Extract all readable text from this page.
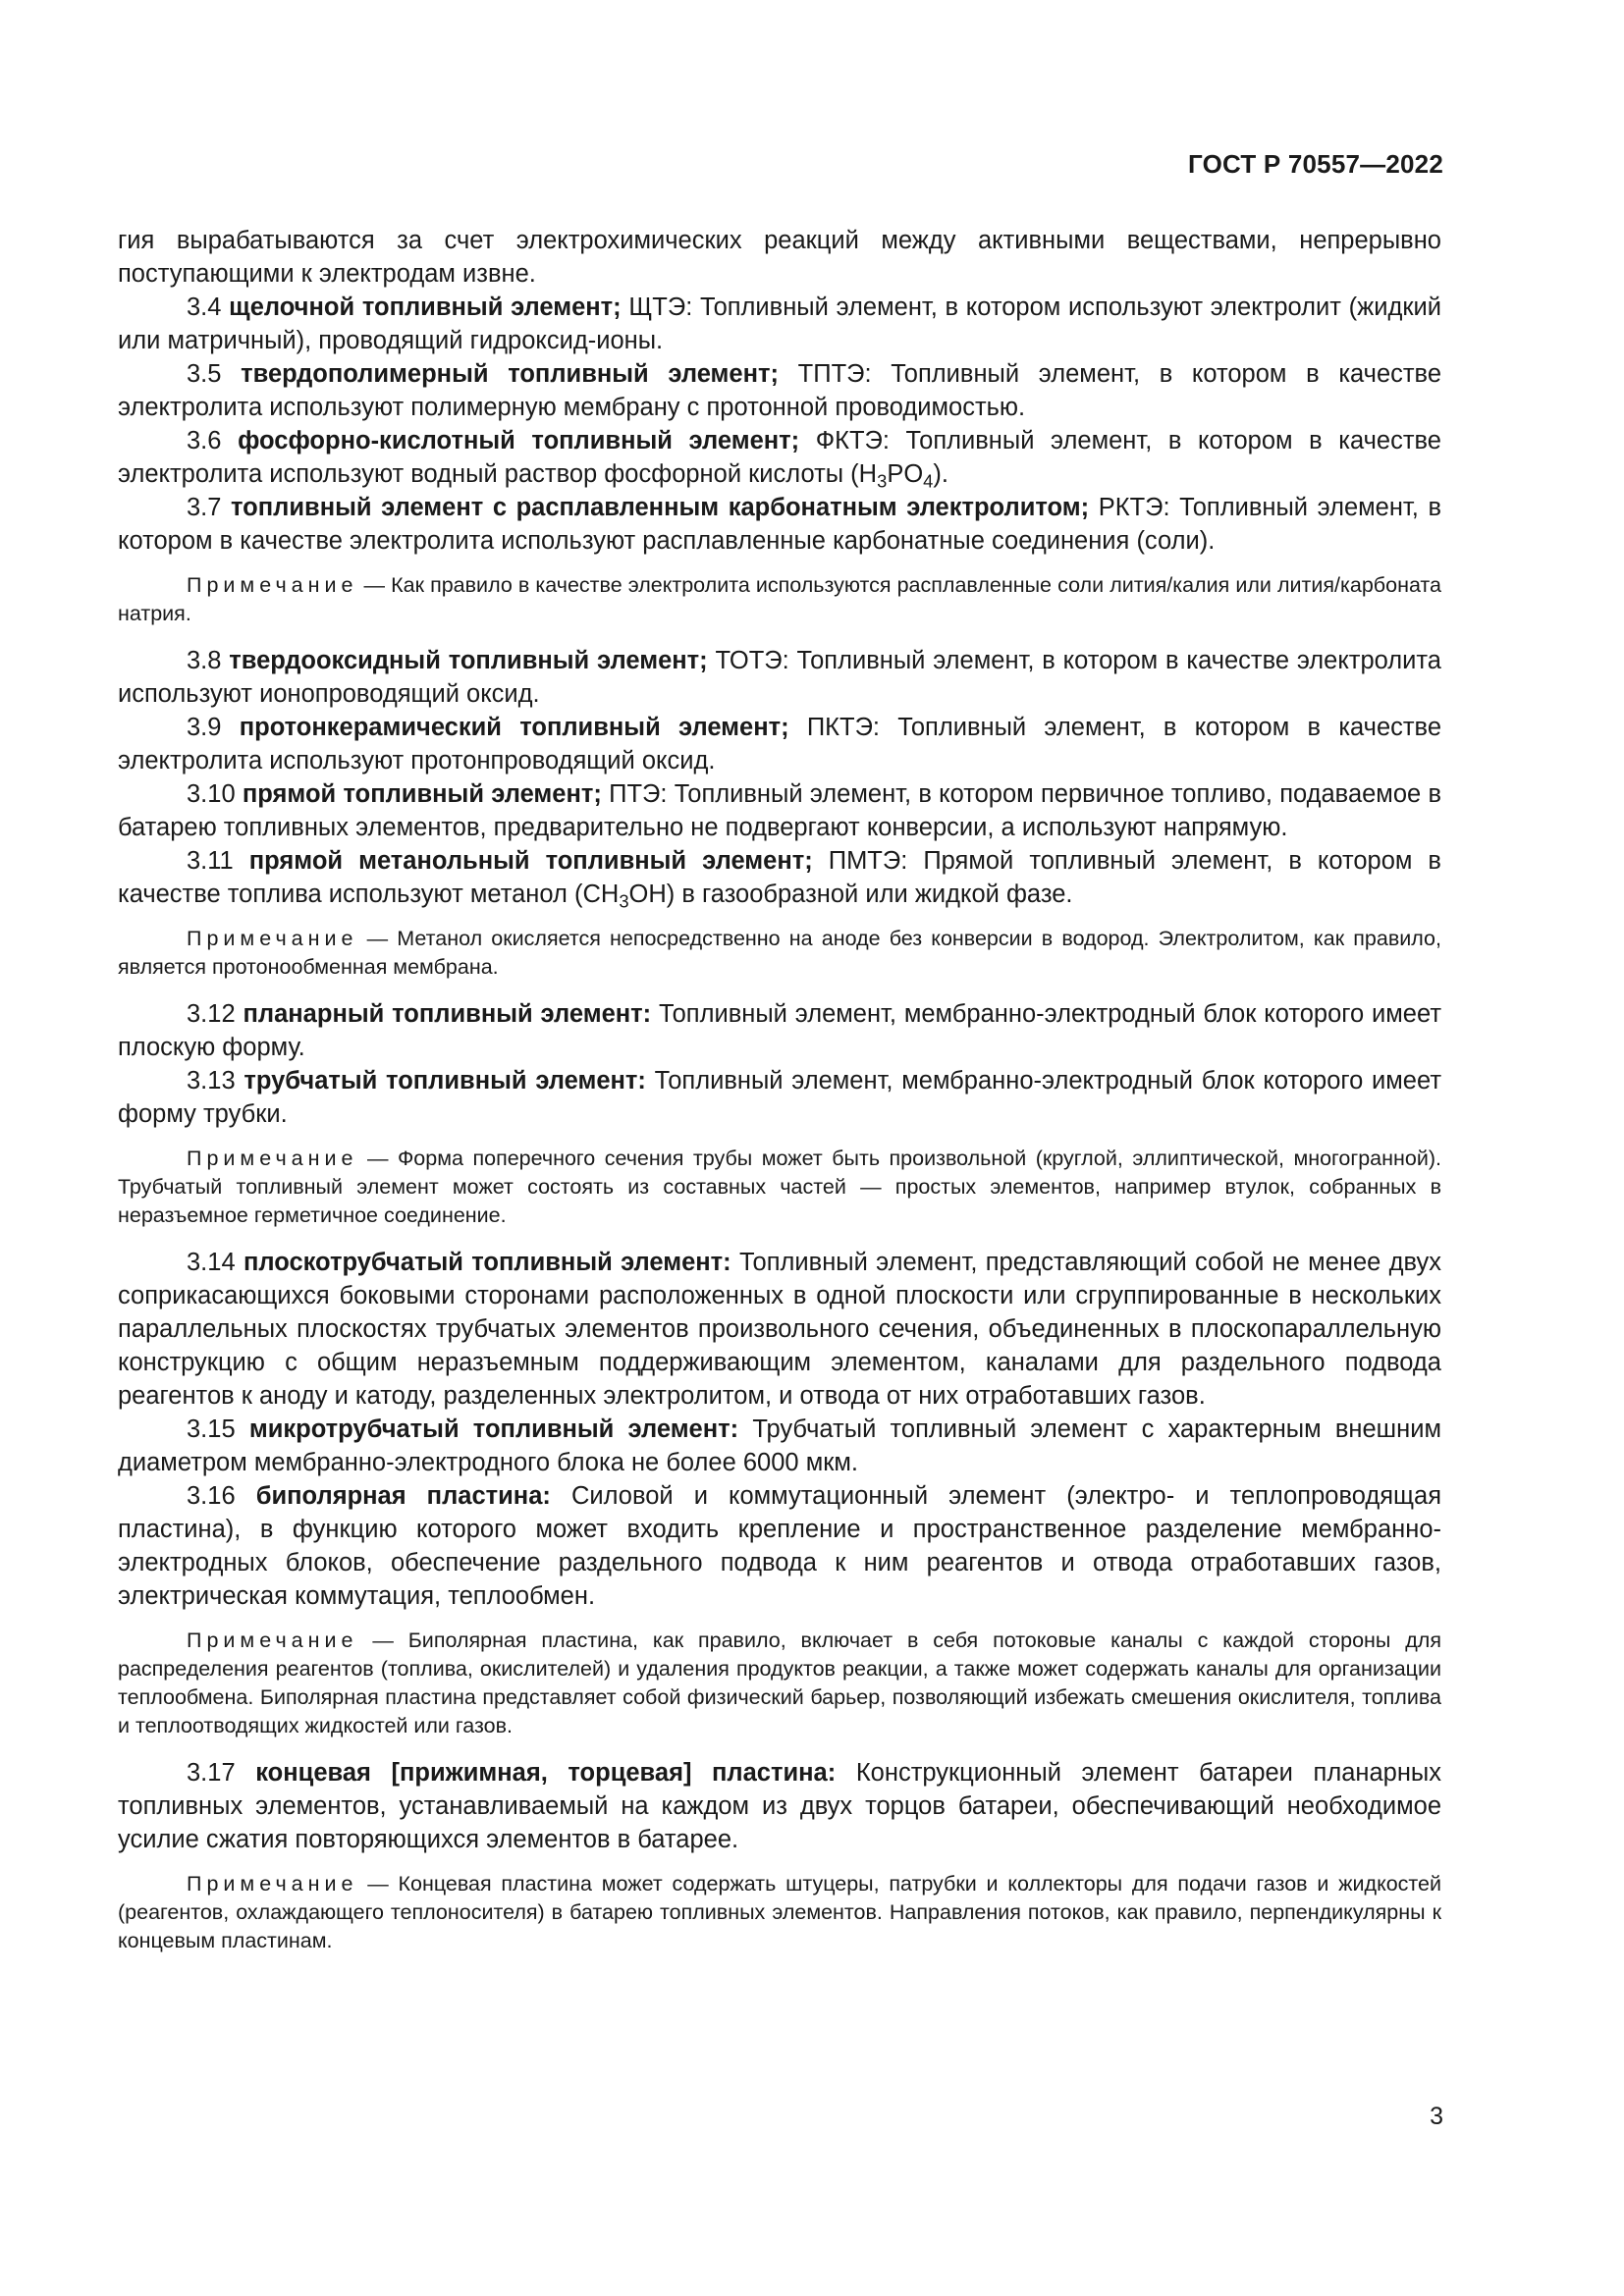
ГОСТ Р 70557—2022

гия вырабатываются за счет электрохимических реакций между активными веществами, непрерывно поступающими к электродам извне.

3.4 щелочной топливный элемент; ЩТЭ: Топливный элемент, в котором используют электролит (жидкий или матричный), проводящий гидроксид-ионы.

3.5 твердополимерный топливный элемент; ТПТЭ: Топливный элемент, в котором в качестве электролита используют полимерную мембрану с протонной проводимостью.

3.6 фосфорно-кислотный топливный элемент; ФКТЭ: Топливный элемент, в котором в качестве электролита используют водный раствор фосфорной кислоты $(H_3PO_4)$.

3.7 топливный элемент с расплавленным карбонатным электролитом; РКТЭ: Топливный элемент, в котором в качестве электролита используют расплавленные карбонатные соединения (соли).

Примечание — Как правило в качестве электролита используются расплавленные соли лития/калия или лития/карбоната натрия.

3.8 твердооксидный топливный элемент; ТОТЭ: Топливный элемент, в котором в качестве электролита используют ионопроводящий оксид.

3.9 протонкерамический топливный элемент; ПКТЭ: Топливный элемент, в котором в качестве электролита используют протонпроводящий оксид.

3.10 прямой топливный элемент; ПТЭ: Топливный элемент, в котором первичное топливо, подаваемое в батарею топливных элементов, предварительно не подвергают конверсии, а используют напрямую.

3.11 прямой метанольный топливный элемент; ПМТЭ: Прямой топливный элемент, в котором в качестве топлива используют метанол $(CH_3OH)$ в газообразной или жидкой фазе.

Примечание — Метанол окисляется непосредственно на аноде без конверсии в водород. Электролитом, как правило, является протонообменная мембрана.

3.12 планарный топливный элемент: Топливный элемент, мембранно-электродный блок которого имеет плоскую форму.

3.13 трубчатый топливный элемент: Топливный элемент, мембранно-электродный блок которого имеет форму трубки.

Примечание — Форма поперечного сечения трубы может быть произвольной (круглой, эллиптической, многогранной). Трубчатый топливный элемент может состоять из составных частей — простых элементов, например втулок, собранных в неразъемное герметичное соединение.

3.14 плоскотрубчатый топливный элемент: Топливный элемент, представляющий собой не менее двух соприкасающихся боковыми сторонами расположенных в одной плоскости или сгруппированные в нескольких параллельных плоскостях трубчатых элементов произвольного сечения, объединенных в плоскопараллельную конструкцию с общим неразъемным поддерживающим элементом, каналами для раздельного подвода реагентов к аноду и катоду, разделенных электролитом, и отвода от них отработавших газов.

3.15 микротрубчатый топливный элемент: Трубчатый топливный элемент с характерным внешним диаметром мембранно-электродного блока не более 6000 мкм.

3.16 биполярная пластина: Силовой и коммутационный элемент (электро- и теплопроводящая пластина), в функцию которого может входить крепление и пространственное разделение мембранно-электродных блоков, обеспечение раздельного подвода к ним реагентов и отвода отработавших газов, электрическая коммутация, теплообмен.

Примечание — Биполярная пластина, как правило, включает в себя потоковые каналы с каждой стороны для распределения реагентов (топлива, окислителей) и удаления продуктов реакции, а также может содержать каналы для организации теплообмена. Биполярная пластина представляет собой физический барьер, позволяющий избежать смешения окислителя, топлива и теплоотводящих жидкостей или газов.

3.17 концевая [прижимная, торцевая] пластина: Конструкционный элемент батареи планарных топливных элементов, устанавливаемый на каждом из двух торцов батареи, обеспечивающий необходимое усилие сжатия повторяющихся элементов в батарее.

Примечание — Концевая пластина может содержать штуцеры, патрубки и коллекторы для подачи газов и жидкостей (реагентов, охлаждающего теплоносителя) в батарею топливных элементов. Направления потоков, как правило, перпендикулярны к концевым пластинам.

3
